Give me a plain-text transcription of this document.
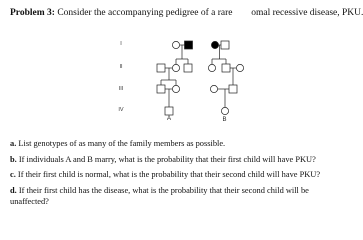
Problem 3: Consider the accompanying pedigree of a rare omal recessive disease, PKU.
I
II
III
IV
A	B

a. List genotypes of as many of the family members as possible.

b. If individuals A and B marry, what is the probability that their first child will have PKU?

c. If their first child is normal, what is the probability that their second child will have PKU?

d. If their first child has the disease, what is the probability that their second child will be unaffected?
